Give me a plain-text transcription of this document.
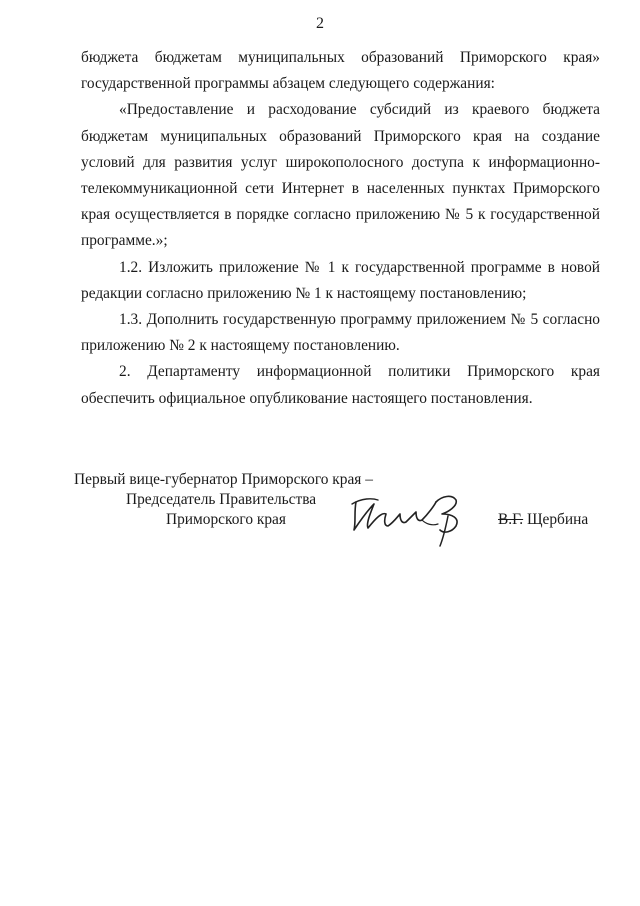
2

бюджета бюджетам муниципальных образований Приморского края»
государственной программы абзацем следующего содержания:

«Предоставление и расходование субсидий из краевого бюджета
бюджетам муниципальных образований Приморского края на создание
условий для развития услуг широкополосного доступа к информационно-
телекоммуникационной сети Интернет в населенных пунктах Приморского
края осуществляется в порядке согласно приложению № 5 к государственной
программе.»;

1.2. Изложить приложение № 1 к государственной программе в новой
редакции согласно приложению № 1 к настоящему постановлению;

1.3. Дополнить государственную программу приложением № 5 согласно
приложению № 2 к настоящему постановлению.

2. Департаменту информационной политики Приморского края
обеспечить официальное опубликование настоящего постановления.

Первый вице-губернатор Приморского края –
Председатель Правительства
Приморского края	В.Г. Щербина
